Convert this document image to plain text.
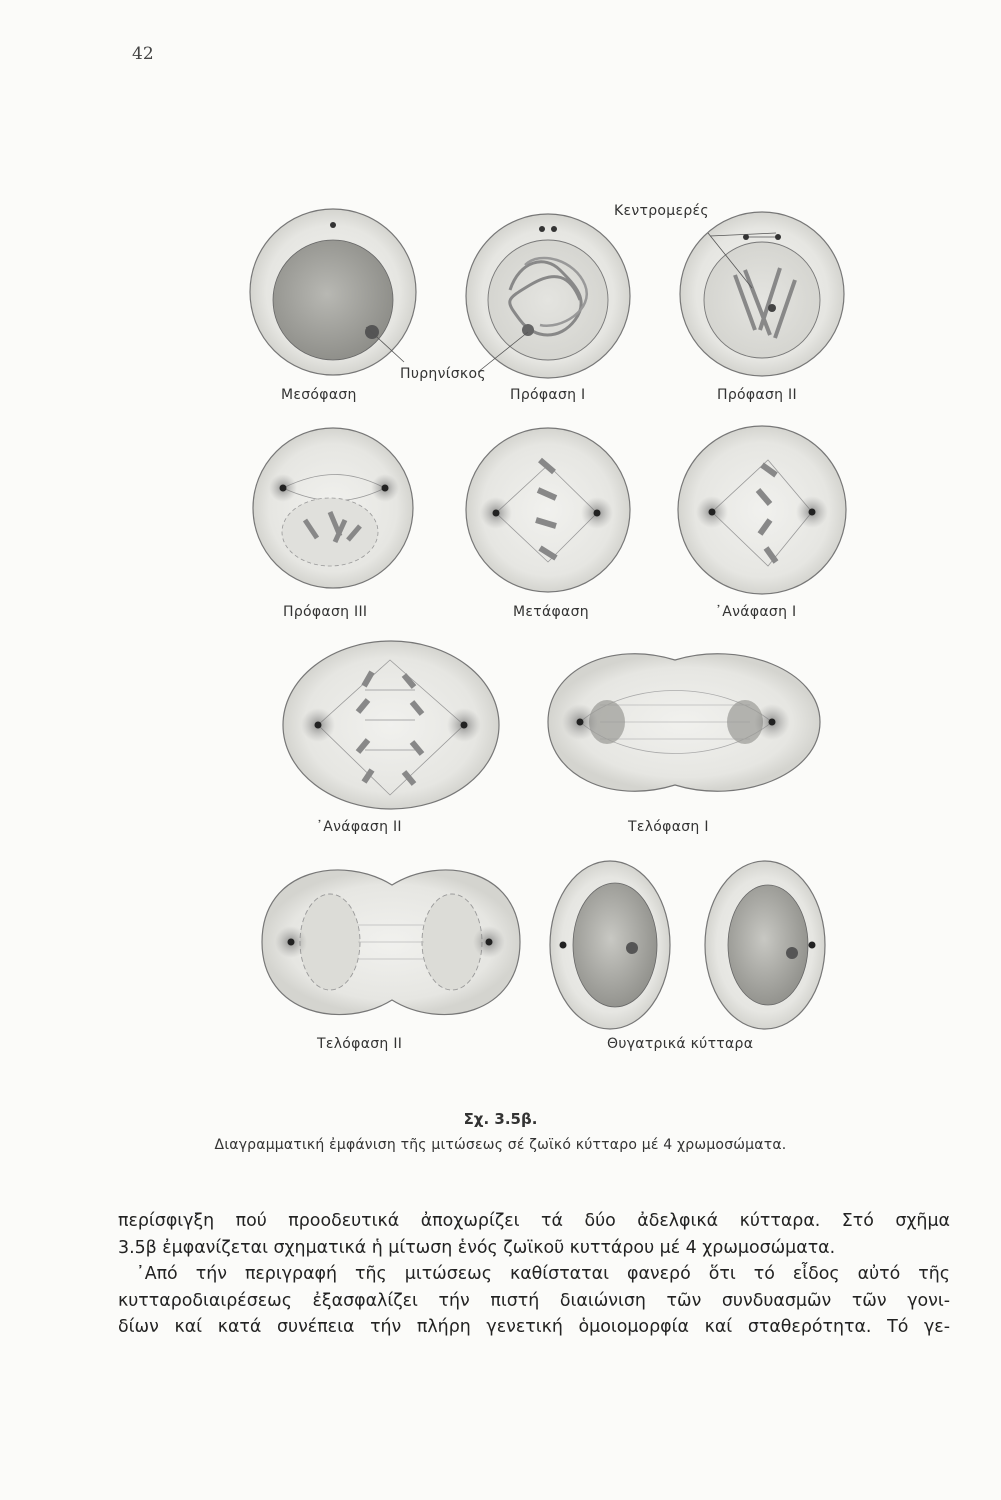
42
Κεντρομερές
Πυρηνίσκος
Μεσόφαση	Πρόφαση I	Πρόφαση II
Πρόφαση III	Μετάφαση	᾿Ανάφαση I
᾿Ανάφαση II	Τελόφαση I
Τελόφαση II	Θυγατρικά κύτταρα
Σχ. 3.5β.
Διαγραμματική ἐμφάνιση τῆς μιτώσεως σέ ζωϊκό κύτταρο μέ 4 χρωμοσώματα.

περίσφιγξη πού προοδευτικά ἀποχωρίζει τά δύο ἀδελφικά κύτταρα. Στό σχῆμα

3.5β ἐμφανίζεται σχηματικά ἡ μίτωση ἑνός ζωϊκοῦ κυττάρου μέ 4 χρωμοσώματα.

᾿Από τήν περιγραφή τῆς μιτώσεως καθίσταται φανερό ὅτι τό εἶδος αὐτό τῆς

κυτταροδιαιρέσεως ἐξασφαλίζει τήν πιστή διαιώνιση τῶν συνδυασμῶν τῶν γονι-

δίων καί κατά συνέπεια τήν πλήρη γενετική ὁμοιομορφία καί σταθερότητα. Τό γε-
